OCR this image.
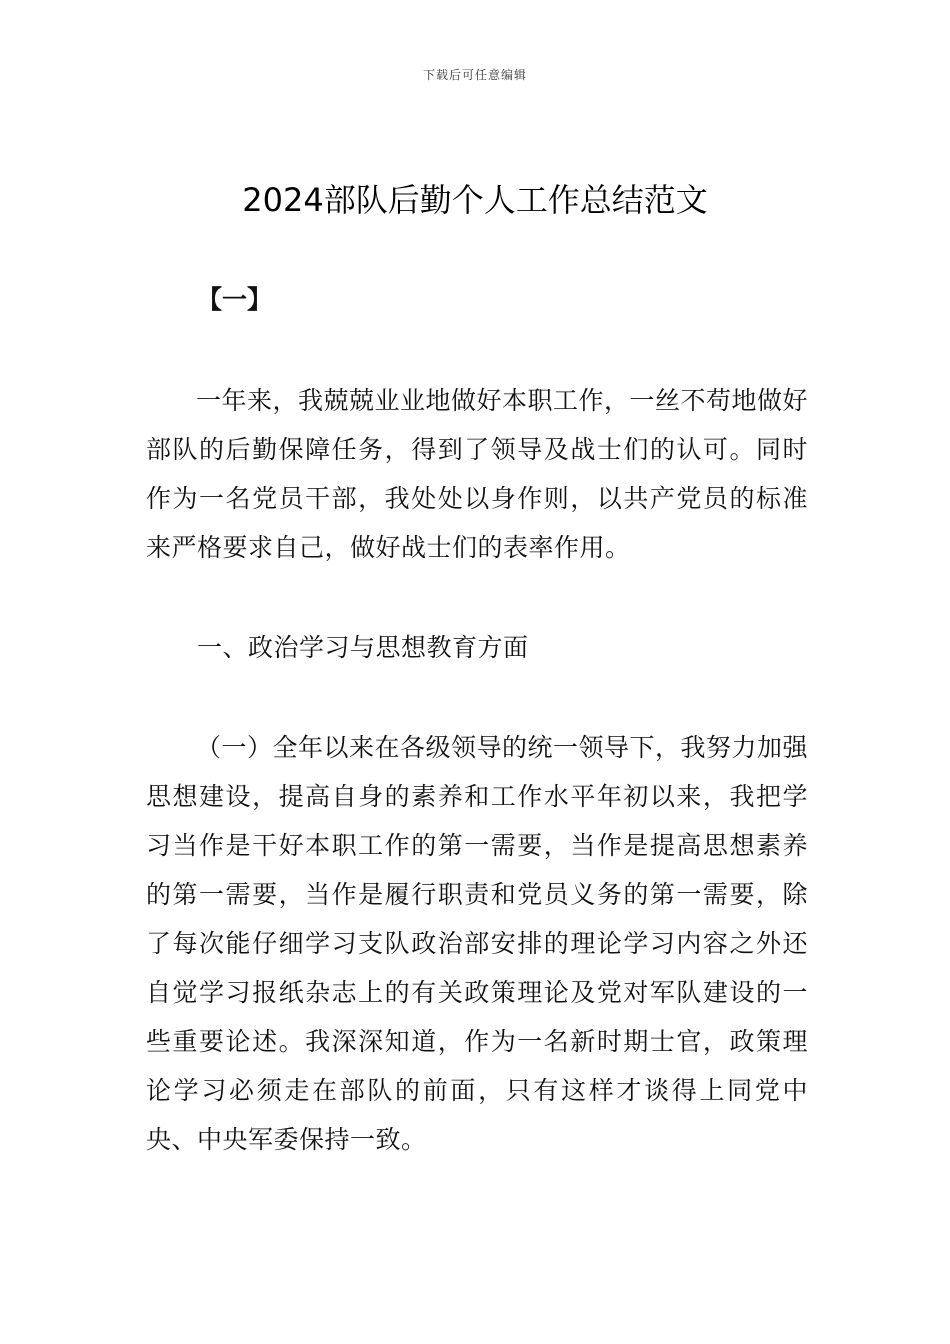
下载后可任意编辑
2024部队后勤个人工作总结范文
【一】

一年来，我兢兢业业地做好本职工作，一丝不苟地做好部队的后勤保障任务，得到了领导及战士们的认可。同时作为一名党员干部，我处处以身作则，以共产党员的标准来严格要求自己，做好战士们的表率作用。

一、政治学习与思想教育方面

（一）全年以来在各级领导的统一领导下，我努力加强思想建设，提高自身的素养和工作水平年初以来，我把学习当作是干好本职工作的第一需要，当作是提高思想素养的第一需要，当作是履行职责和党员义务的第一需要，除了每次能仔细学习支队政治部安排的理论学习内容之外还自觉学习报纸杂志上的有关政策理论及党对军队建设的一些重要论述。我深深知道，作为一名新时期士官，政策理论学习必须走在部队的前面，只有这样才谈得上同党中央、中央军委保持一致。
